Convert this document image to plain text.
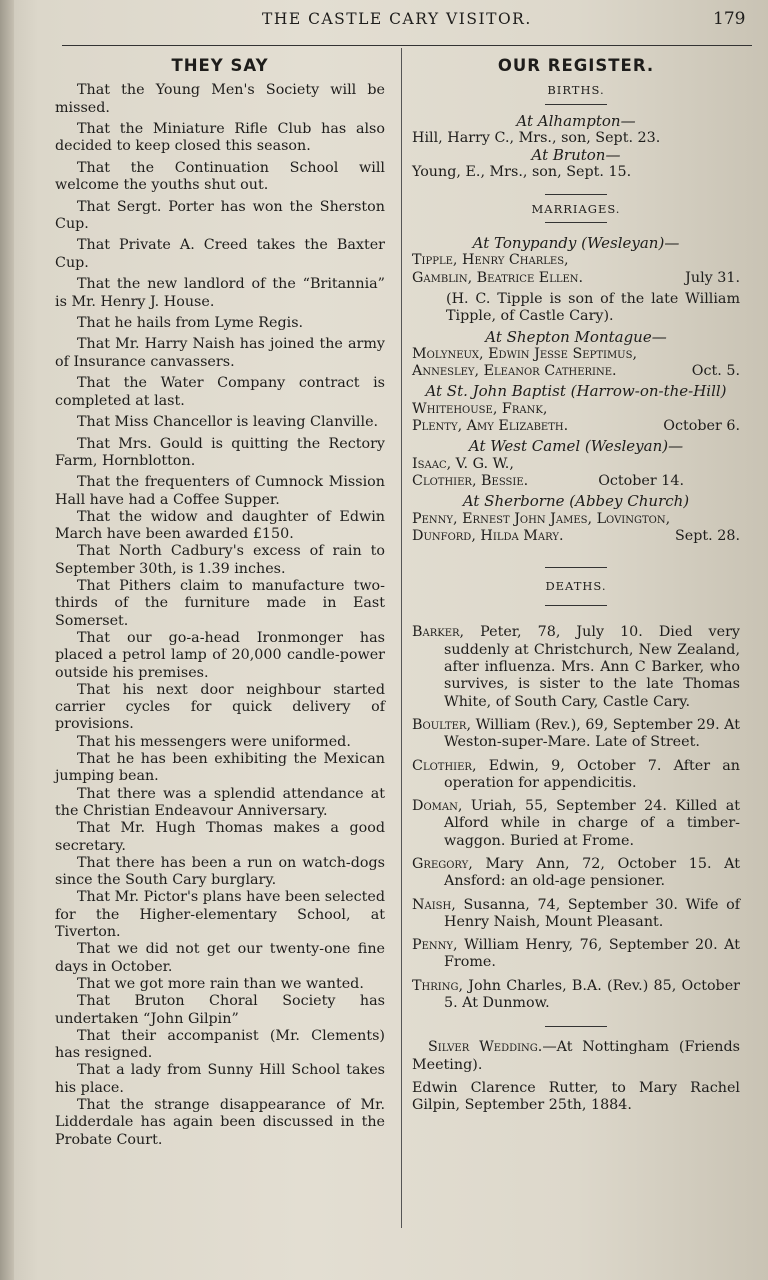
THE CASTLE CARY VISITOR.	179
THEY SAY

That the Young Men's Society will be missed.

That the Miniature Rifle Club has also decided to keep closed this season.

That the Continuation School will welcome the youths shut out.

That Sergt. Porter has won the Sherston Cup.

That Private A. Creed takes the Baxter Cup.

That the new landlord of the “Britannia” is Mr. Henry J. House.

That he hails from Lyme Regis.

That Mr. Harry Naish has joined the army of Insurance canvassers.

That the Water Company contract is completed at last.

That Miss Chancellor is leaving Clanville.

That Mrs. Gould is quitting the Rectory Farm, Hornblotton.

That the frequenters of Cumnock Mission Hall have had a Coffee Supper.

That the widow and daughter of Edwin March have been awarded £150.

That North Cadbury's excess of rain to September 30th, is 1.39 inches.

That Pithers claim to manufacture two-thirds of the furniture made in East Somerset.

That our go-a-head Ironmonger has placed a petrol lamp of 20,000 candle-power outside his premises.

That his next door neighbour started carrier cycles for quick delivery of provisions.

That his messengers were uniformed.

That he has been exhibiting the Mexican jumping bean.

That there was a splendid attendance at the Christian Endeavour Anniversary.

That Mr. Hugh Thomas makes a good secretary.

That there has been a run on watch-dogs since the South Cary burglary.

That Mr. Pictor's plans have been selected for the Higher-elementary School, at Tiverton.

That we did not get our twenty-one fine days in October.

That we got more rain than we wanted.

That Bruton Choral Society has undertaken “John Gilpin”

That their accompanist (Mr. Clements) has resigned.

That a lady from Sunny Hill School takes his place.

That the strange disappearance of Mr. Lidderdale has again been discussed in the Probate Court.

OUR REGISTER.
BIRTHS.

At Alhampton—

Hill, Harry C., Mrs., son, Sept. 23.

At Bruton—

Young, E., Mrs., son, Sept. 15.

MARRIAGES.

At Tonypandy (Wesleyan)—

Tipple, Henry Charles,

Gamblin, Beatrice Ellen.	July 31.

(H. C. Tipple is son of the late William Tipple, of Castle Cary).

At Shepton Montague—

Molyneux, Edwin Jesse Septimus,

Annesley, Eleanor Catherine.	Oct. 5.

At St. John Baptist (Harrow-on-the-Hill)

Whitehouse, Frank,

Plenty, Amy Elizabeth.	October 6.

At West Camel (Wesleyan)—

Isaac, V. G. W.,

Clothier, Bessie.	October 14.

At Sherborne (Abbey Church)

Penny, Ernest John James, Lovington,

Dunford, Hilda Mary.	Sept. 28.
DEATHS.

Barker, Peter, 78, July 10. Died very suddenly at Christchurch, New Zealand, after influenza. Mrs. Ann C Barker, who survives, is sister to the late Thomas White, of South Cary, Castle Cary.

Boulter, William (Rev.), 69, September 29. At Weston-super-Mare. Late of Street.

Clothier, Edwin, 9, October 7. After an operation for appendicitis.

Doman, Uriah, 55, September 24. Killed at Alford while in charge of a timber-waggon. Buried at Frome.

Gregory, Mary Ann, 72, October 15. At Ansford: an old-age pensioner.

Naish, Susanna, 74, September 30. Wife of Henry Naish, Mount Pleasant.

Penny, William Henry, 76, September 20. At Frome.

Thring, John Charles, B.A. (Rev.) 85, October 5. At Dunmow.

Silver Wedding.—At Nottingham (Friends Meeting).

Edwin Clarence Rutter, to Mary Rachel Gilpin, September 25th, 1884.
